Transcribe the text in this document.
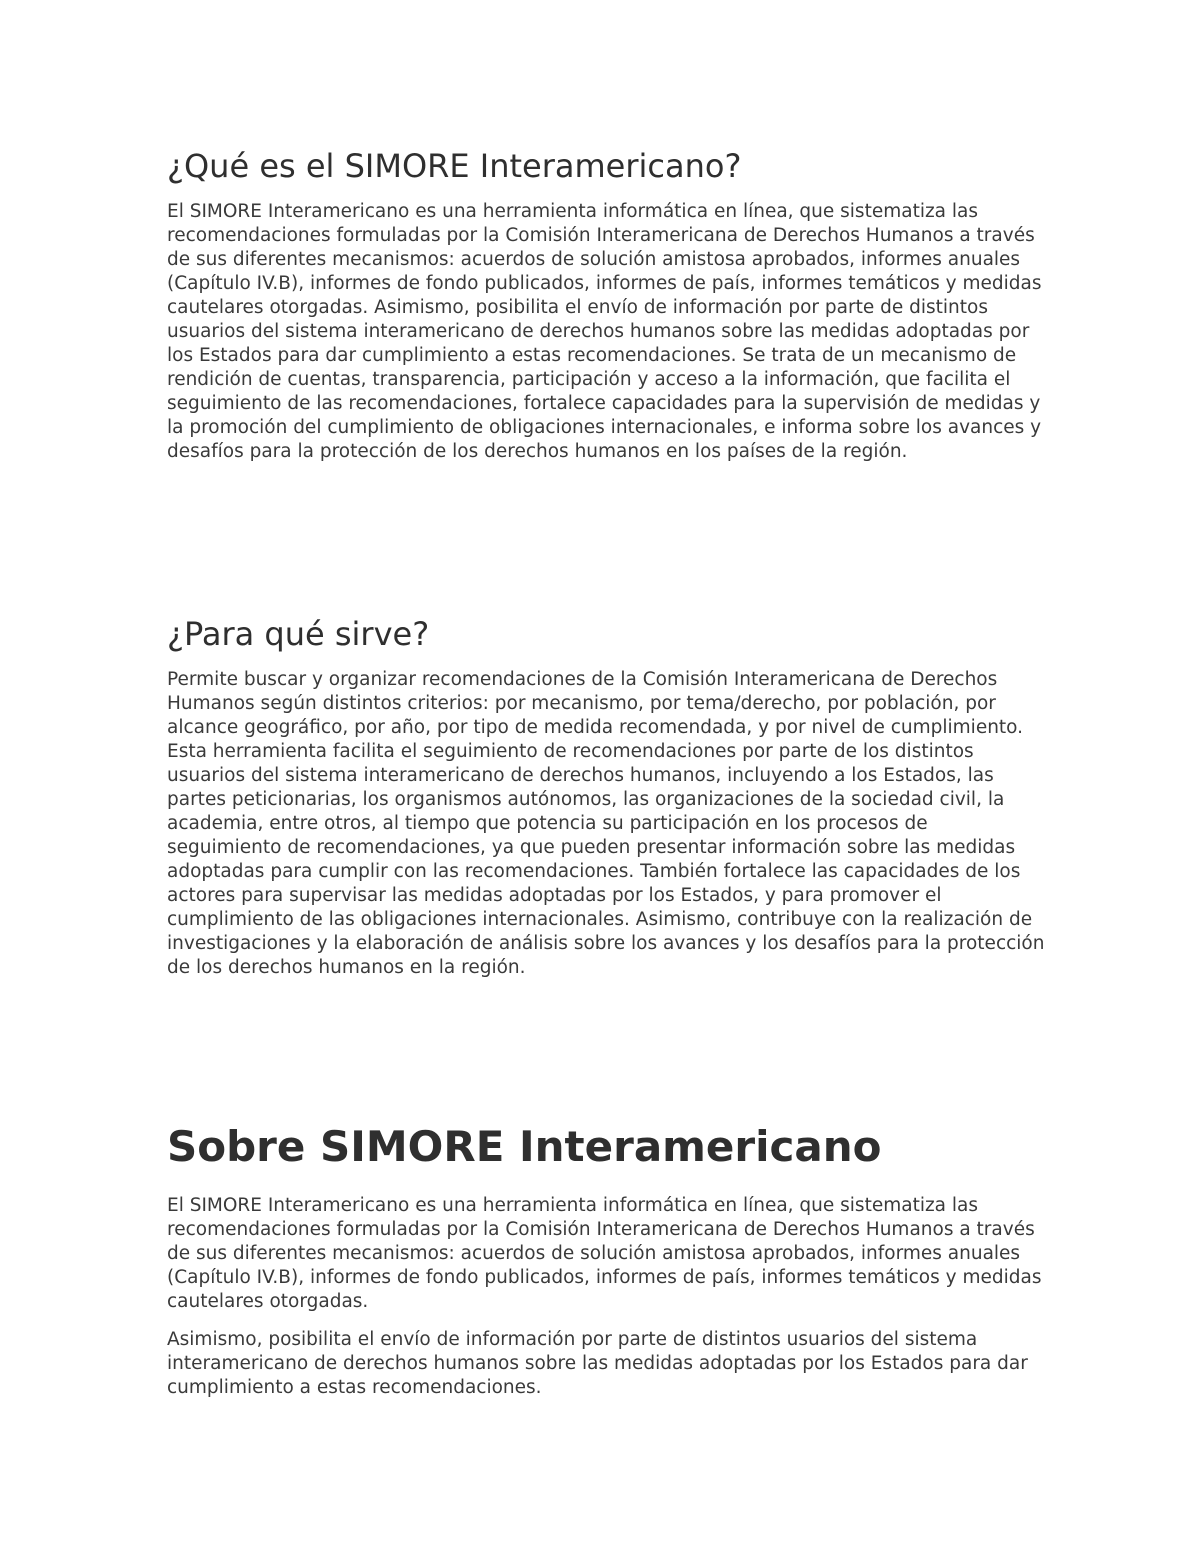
¿Qué es el SIMORE Interamericano?

El SIMORE Interamericano es una herramienta informática en línea, que sistematiza las recomendaciones formuladas por la Comisión Interamericana de Derechos Humanos a través de sus diferentes mecanismos: acuerdos de solución amistosa aprobados, informes anuales (Capítulo IV.B), informes de fondo publicados, informes de país, informes temáticos y medidas cautelares otorgadas. Asimismo, posibilita el envío de información por parte de distintos usuarios del sistema interamericano de derechos humanos sobre las medidas adoptadas por los Estados para dar cumplimiento a estas recomendaciones. Se trata de un mecanismo de rendición de cuentas, transparencia, participación y acceso a la información, que facilita el seguimiento de las recomendaciones, fortalece capacidades para la supervisión de medidas y la promoción del cumplimiento de obligaciones internacionales, e informa sobre los avances y desafíos para la protección de los derechos humanos en los países de la región.

¿Para qué sirve?

Permite buscar y organizar recomendaciones de la Comisión Interamericana de Derechos Humanos según distintos criterios: por mecanismo, por tema/derecho, por población, por alcance geográfico, por año, por tipo de medida recomendada, y por nivel de cumplimiento. Esta herramienta facilita el seguimiento de recomendaciones por parte de los distintos usuarios del sistema interamericano de derechos humanos, incluyendo a los Estados, las partes peticionarias, los organismos autónomos, las organizaciones de la sociedad civil, la academia, entre otros, al tiempo que potencia su participación en los procesos de seguimiento de recomendaciones, ya que pueden presentar información sobre las medidas adoptadas para cumplir con las recomendaciones. También fortalece las capacidades de los actores para supervisar las medidas adoptadas por los Estados, y para promover el cumplimiento de las obligaciones internacionales. Asimismo, contribuye con la realización de investigaciones y la elaboración de análisis sobre los avances y los desafíos para la protección de los derechos humanos en la región.

Sobre SIMORE Interamericano

El SIMORE Interamericano es una herramienta informática en línea, que sistematiza las recomendaciones formuladas por la Comisión Interamericana de Derechos Humanos a través de sus diferentes mecanismos: acuerdos de solución amistosa aprobados, informes anuales (Capítulo IV.B), informes de fondo publicados, informes de país, informes temáticos y medidas cautelares otorgadas.

Asimismo, posibilita el envío de información por parte de distintos usuarios del sistema interamericano de derechos humanos sobre las medidas adoptadas por los Estados para dar cumplimiento a estas recomendaciones.
